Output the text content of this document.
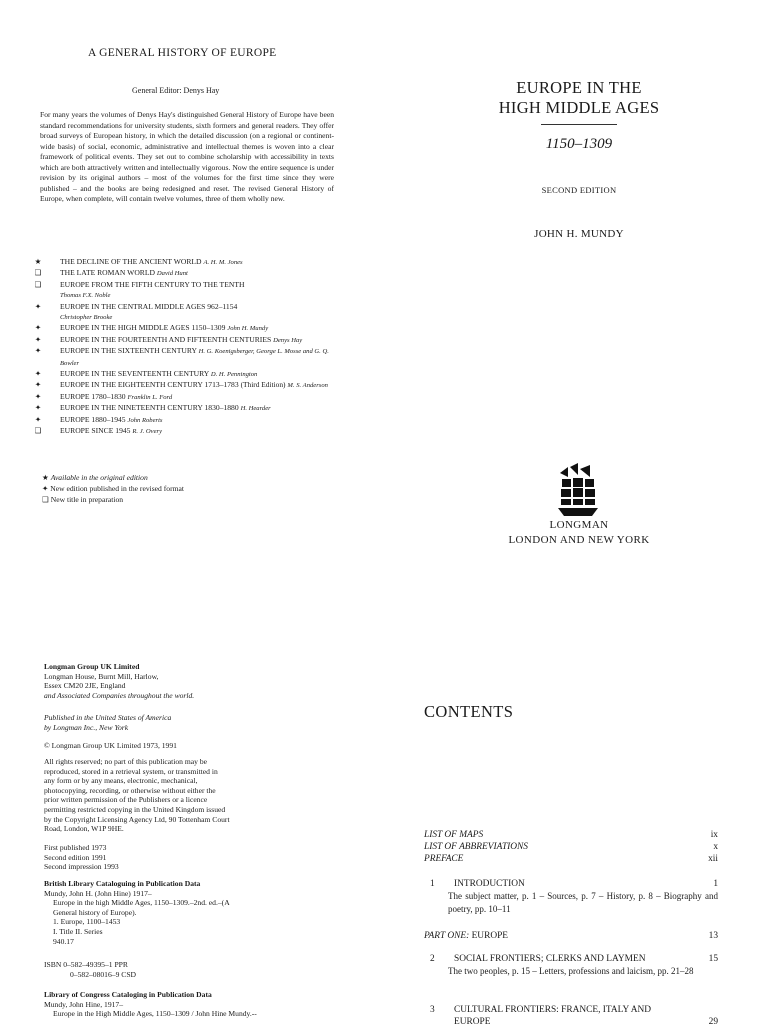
A GENERAL HISTORY OF EUROPE
General Editor: Denys Hay
For many years the volumes of Denys Hay's distinguished General History of Europe have been standard recommendations for university students, sixth formers and general readers. They offer broad surveys of European history, in which the detailed discussion (on a regional or continent-wide basis) of social, economic, administrative and intellectual themes is woven into a clear framework of political events. They set out to combine scholarship with accessibility in texts which are both attractively written and intellectually vigorous. Now the entire sequence is under revision by its original authors – most of the volumes for the first time since they were published – and the books are being redesigned and reset. The revised General History of Europe, when complete, will contain twelve volumes, three of them wholly new.
★	THE DECLINE OF THE ANCIENT WORLD A. H. M. Jones
❑	THE LATE ROMAN WORLD David Hunt
❑	EUROPE FROM THE FIFTH CENTURY TO THE TENTH
Thomas F.X. Noble
✦	EUROPE IN THE CENTRAL MIDDLE AGES 962–1154
Christopher Brooke
✦	EUROPE IN THE HIGH MIDDLE AGES 1150–1309 John H. Mundy
✦	EUROPE IN THE FOURTEENTH AND FIFTEENTH CENTURIES Denys Hay
✦	EUROPE IN THE SIXTEENTH CENTURY H. G. Koenigsberger, George L. Mosse and G. Q. Bowler
✦	EUROPE IN THE SEVENTEENTH CENTURY D. H. Pennington
✦	EUROPE IN THE EIGHTEENTH CENTURY 1713–1783 (Third Edition) M. S. Anderson
✦	EUROPE 1780–1830 Franklin L. Ford
✦	EUROPE IN THE NINETEENTH CENTURY 1830–1880 H. Hearder
✦	EUROPE 1880–1945 John Roberts
❑	EUROPE SINCE 1945 R. J. Overy
★ Available in the original edition
✦ New edition published in the revised format
❑ New title in preparation
EUROPE IN THE
HIGH MIDDLE AGES
1150–1309
SECOND EDITION
JOHN H. MUNDY
LONGMAN
LONDON AND NEW YORK
Longman Group UK Limited
Longman House, Burnt Mill, Harlow,
Essex CM20 2JE, England
and Associated Companies throughout the world.
Published in the United States of America
by Longman Inc., New York
© Longman Group UK Limited 1973, 1991
All rights reserved; no part of this publication may be
reproduced, stored in a retrieval system, or transmitted in
any form or by any means, electronic, mechanical,
photocopying, recording, or otherwise without either the
prior written permission of the Publishers or a licence
permitting restricted copying in the United Kingdom issued
by the Copyright Licensing Agency Ltd, 90 Tottenham Court
Road, London, W1P 9HE.
First published 1973
Second edition 1991
Second impression 1993
British Library Cataloguing in Publication Data
Mundy, John H. (John Hine) 1917–
Europe in the high Middle Ages, 1150–1309.–2nd. ed.–(A
General history of Europe).
1. Europe, 1100–1453
I. Title II. Series
940.17
ISBN 0–582–49395–1 PPR
0–582–08016–9 CSD
Library of Congress Cataloging in Publication Data
Mundy, John Hine, 1917–
Europe in the High Middle Ages, 1150–1309 / John Hine Mundy.--
CONTENTS
LIST OF MAPS	ix
LIST OF ABBREVIATIONS	x
PREFACE	xii
1	INTRODUCTION	1
The subject matter, p. 1 – Sources, p. 7 – History, p. 8 – Biography and poetry, pp. 10–11
PART ONE: EUROPE	13
2	SOCIAL FRONTIERS; CLERKS AND LAYMEN	15
The two peoples, p. 15 – Letters, professions and laicism, pp. 21–28
3	CULTURAL FRONTIERS: FRANCE, ITALY AND
EUROPE	29
